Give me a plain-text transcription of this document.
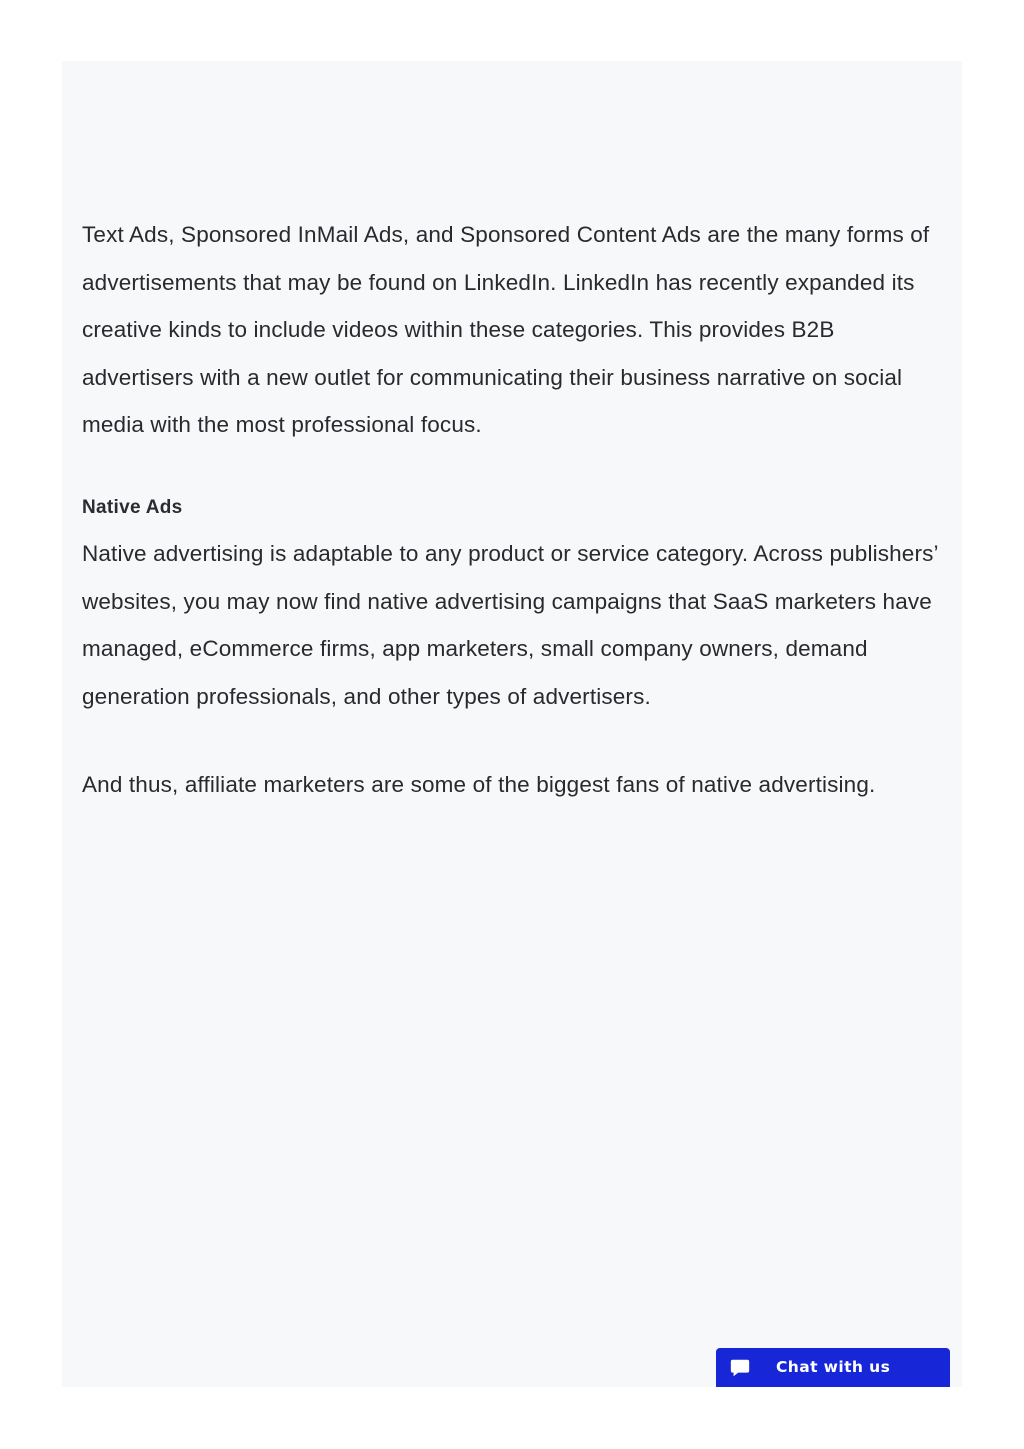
Text Ads, Sponsored InMail Ads, and Sponsored Content Ads are the many forms of advertisements that may be found on LinkedIn. LinkedIn has recently expanded its creative kinds to include videos within these categories. This provides B2B advertisers with a new outlet for communicating their business narrative on social media with the most professional focus.

Native Ads

Native advertising is adaptable to any product or service category. Across publishers’ websites, you may now find native advertising campaigns that SaaS marketers have managed, eCommerce firms, app marketers, small company owners, demand generation professionals, and other types of advertisers.

And thus, affiliate marketers are some of the biggest fans of native advertising.

Chat with us
